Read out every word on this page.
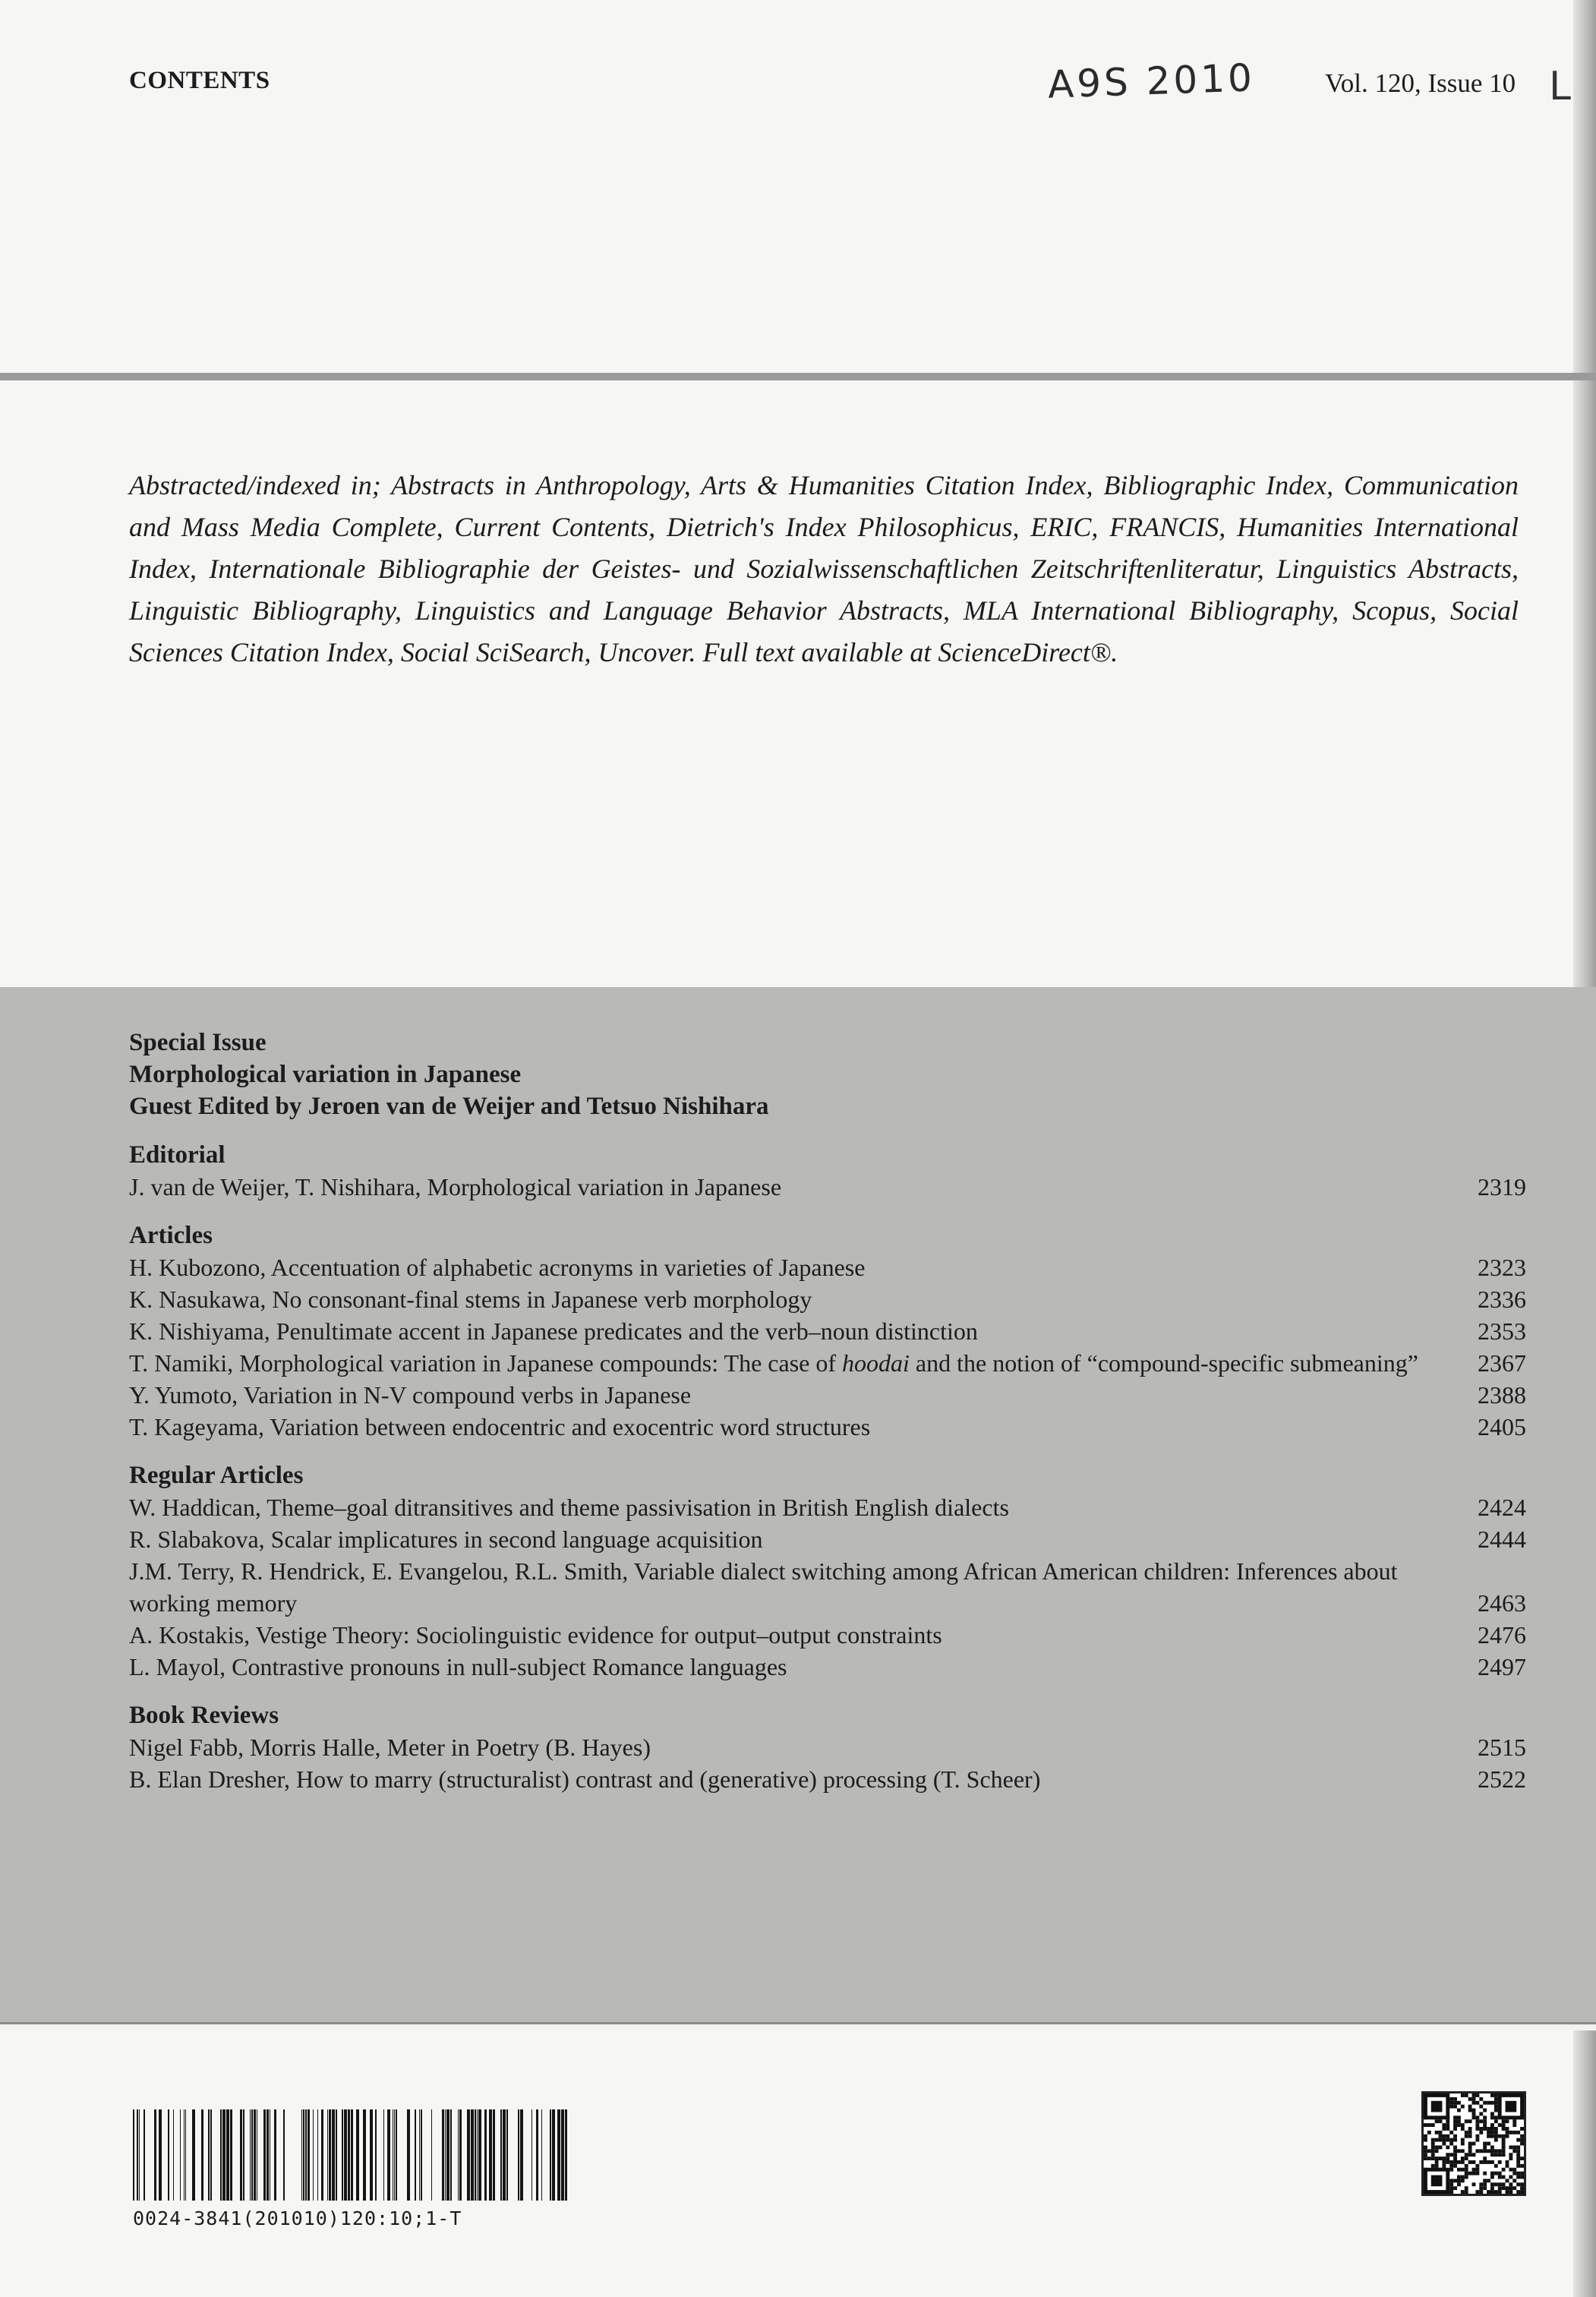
CONTENTS	A9S 2010	Vol. 120, Issue 10 L
Abstracted/indexed in; Abstracts in Anthropology, Arts & Humanities Citation Index, Bibliographic Index, Communication and Mass Media Complete, Current Contents, Dietrich's Index Philosophicus, ERIC, FRANCIS, Humanities International Index, Internationale Bibliographie der Geistes- und Sozialwissenschaftlichen Zeitschriftenliteratur, Linguistics Abstracts, Linguistic Bibliography, Linguistics and Language Behavior Abstracts, MLA International Bibliography, Scopus, Social Sciences Citation Index, Social SciSearch, Uncover. Full text available at ScienceDirect®.
Special Issue
Morphological variation in Japanese
Guest Edited by Jeroen van de Weijer and Tetsuo Nishihara
Editorial
J. van de Weijer, T. Nishihara, Morphological variation in Japanese	2319
Articles
H. Kubozono, Accentuation of alphabetic acronyms in varieties of Japanese	2323
K. Nasukawa, No consonant-final stems in Japanese verb morphology	2336
K. Nishiyama, Penultimate accent in Japanese predicates and the verb–noun distinction	2353
T. Namiki, Morphological variation in Japanese compounds: The case of hoodai and the notion of “compound-specific submeaning”	2367
Y. Yumoto, Variation in N-V compound verbs in Japanese	2388
T. Kageyama, Variation between endocentric and exocentric word structures	2405
Regular Articles
W. Haddican, Theme–goal ditransitives and theme passivisation in British English dialects	2424
R. Slabakova, Scalar implicatures in second language acquisition	2444
J.M. Terry, R. Hendrick, E. Evangelou, R.L. Smith, Variable dialect switching among African American children: Inferences about working memory	2463
A. Kostakis, Vestige Theory: Sociolinguistic evidence for output–output constraints	2476
L. Mayol, Contrastive pronouns in null-subject Romance languages	2497
Book Reviews
Nigel Fabb, Morris Halle, Meter in Poetry (B. Hayes)	2515
B. Elan Dresher, How to marry (structuralist) contrast and (generative) processing (T. Scheer)	2522
0024-3841(201010)120:10;1-T
